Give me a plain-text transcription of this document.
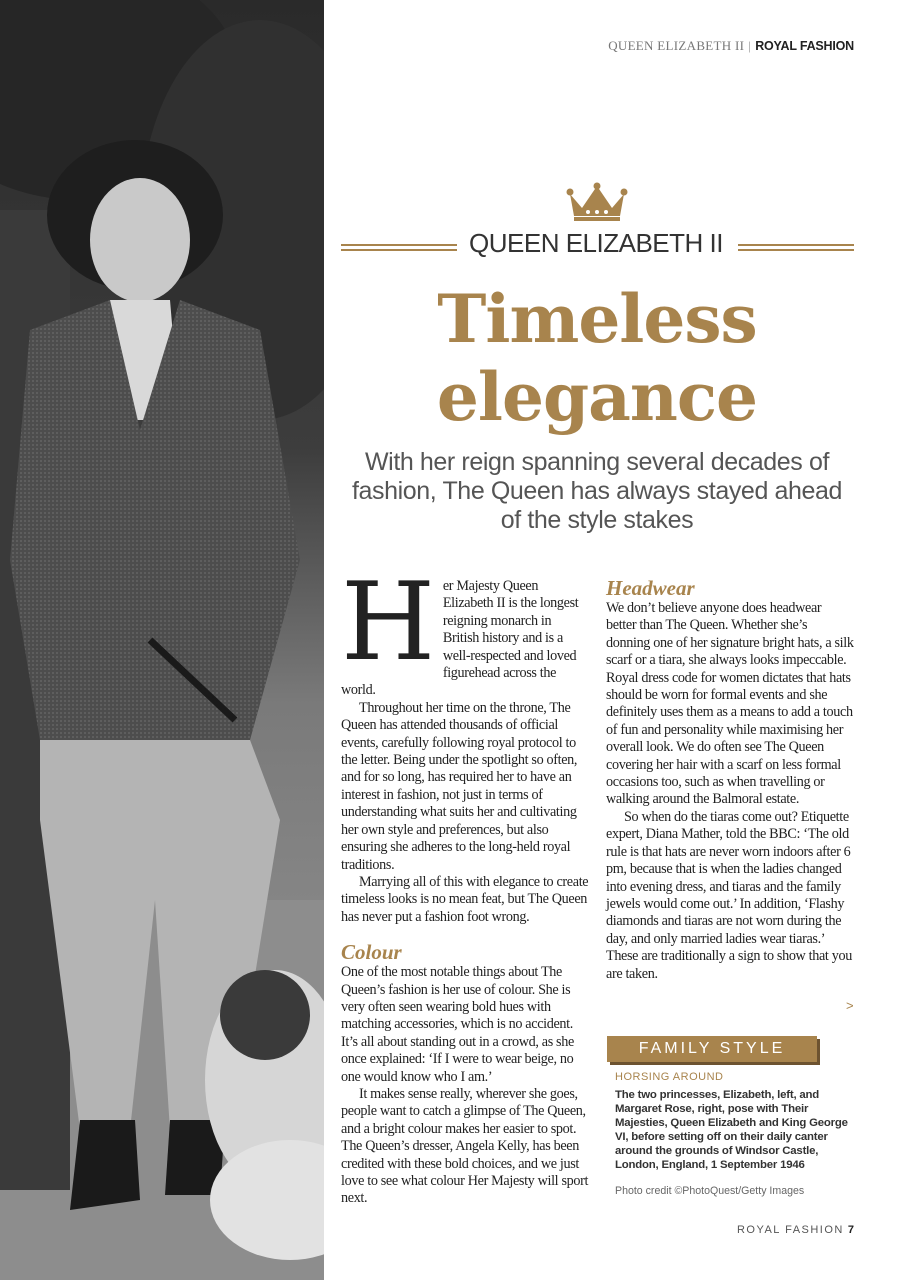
QUEEN ELIZABETH II | ROYAL FASHION
QUEEN ELIZABETH II
Timeless
elegance
With her reign spanning several decades of fashion, The Queen has always stayed ahead of the style stakes

Her Majesty Queen Elizabeth II is the longest reigning monarch in British history and is a well-respected and loved figurehead across the world.

Throughout her time on the throne, The Queen has attended thousands of official events, carefully following royal protocol to the letter. Being under the spotlight so often, and for so long, has required her to have an interest in fashion, not just in terms of understanding what suits her and cultivating her own style and preferences, but also ensuring she adheres to the long-held royal traditions.

Marrying all of this with elegance to create timeless looks is no mean feat, but The Queen has never put a fashion foot wrong.

Colour

One of the most notable things about The Queen’s fashion is her use of colour. She is very often seen wearing bold hues with matching accessories, which is no accident. It’s all about standing out in a crowd, as she once explained: ‘If I were to wear beige, no one would know who I am.’

It makes sense really, wherever she goes, people want to catch a glimpse of The Queen, and a bright colour makes her easier to spot. The Queen’s dresser, Angela Kelly, has been credited with these bold choices, and we just love to see what colour Her Majesty will sport next.

Headwear

We don’t believe anyone does headwear better than The Queen. Whether she’s donning one of her signature bright hats, a silk scarf or a tiara, she always looks impeccable. Royal dress code for women dictates that hats should be worn for formal events and she definitely uses them as a means to add a touch of fun and personality while maximising her overall look. We do often see The Queen covering her hair with a scarf on less formal occasions too, such as when travelling or walking around the Balmoral estate.

So when do the tiaras come out? Etiquette expert, Diana Mather, told the BBC: ‘The old rule is that hats are never worn indoors after 6 pm, because that is when the ladies changed into evening dress, and tiaras and the family jewels would come out.’ In addition, ‘Flashy diamonds and tiaras are not worn during the day, and only married ladies wear tiaras.’ These are traditionally a sign to show that you are taken.

>
FAMILY STYLE
HORSING AROUND
The two princesses, Elizabeth, left, and Margaret Rose, right, pose with Their Majesties, Queen Elizabeth and King George VI, before setting off on their daily canter around the grounds of Windsor Castle, London, England, 1 September 1946
Photo credit ©PhotoQuest/Getty Images
ROYAL FASHION 7
